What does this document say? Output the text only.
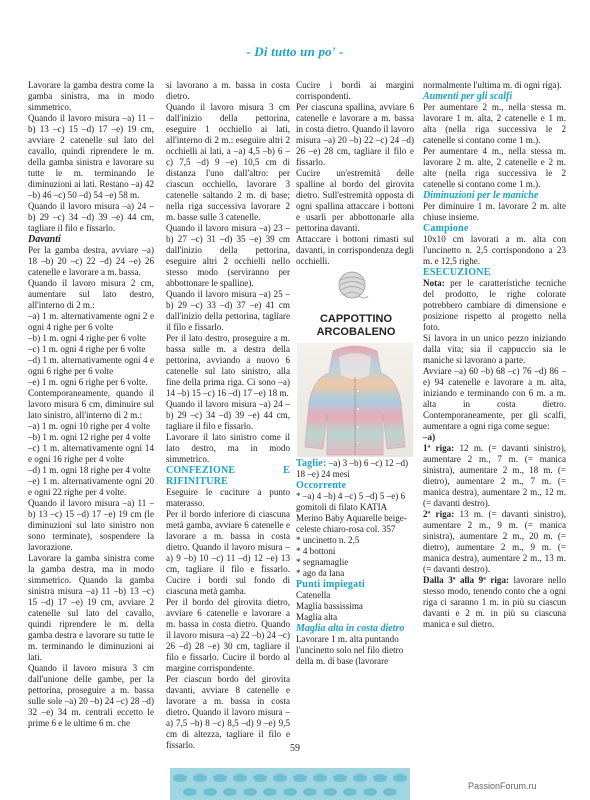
- Di tutto un po' -

Lavorare la gamba destra come la gamba sinistra, ma in modo simmetrico.

Quando il lavoro misura –a) 11 –b) 13 –c) 15 –d) 17 –e) 19 cm, avviare 2 catenelle sul lato del cavallo, quindi riprendere le m. della gamba sinistra e lavorare su tutte le m. terminando le diminuzioni ai lati. Restano –a) 42 –b) 46 –c) 50 –d) 54 –e) 58 m.

Quando il lavoro misura –a) 24 –b) 29 –c) 34 –d) 39 –e) 44 cm, tagliare il filo e fissarlo.

Davanti

Per la gamba destra, avviare –a) 18 –b) 20 –c) 22 –d) 24 –e) 26 catenelle e lavorare a m. bassa.

Quando il lavoro misura 2 cm, aumentare sul lato destro, all'interno di 2 m.:

–a) 1 m. alternativamente ogni 2 e ogni 4 righe per 6 volte

–b) 1 m. ogni 4 righe per 6 volte

–c) 1 m. ogni 4 righe per 6 volte

–d) 1 m. alternativamente ogni 4 e ogni 6 righe per 6 volte

–e) 1 m. ogni 6 righe per 6 volte.

Contemporaneamente, quando il lavoro misura 6 cm, diminuire sul lato sinistro, all'interno di 2 m.:

–a) 1 m. ogni 10 righe per 4 volte

–b) 1 m. ogni 12 righe per 4 volte

–c) 1 m. alternativamente ogni 14 e ogni 16 righe per 4 volte

–d) 1 m. ogni 18 righe per 4 volte

–e) 1 m. alternativamente ogni 20 e ogni 22 righe per 4 volte.

Quando il lavoro misura –a) 11 –b) 13 –c) 15 –d) 17 –e) 19 cm (le diminuzioni sul lato sinistro non sono terminate), sospendere la lavorazione.

Lavorare la gamba sinistra come la gamba destra, ma in modo simmetrico. Quando la gamba sinistra misura –a) 11 –b) 13 –c) 15 –d) 17 –e) 19 cm, avviare 2 catenelle sul lato del cavallo, quindi riprendere le m. della gamba destra e lavorare su tutte le m. terminando le diminuzioni ai lati.

Quando il lavoro misura 3 cm dall'unione delle gambe, per la pettorina, proseguire a m. bassa sulle sole –a) 20 –b) 24 –c) 28 –d) 32 –e) 34 m. centrali eccetto le prime 6 e le ultime 6 m. che

si lavorano a m. bassa in costa dietro.

Quando il lavoro misura 3 cm dall'inizio della pettorina, eseguire 1 occhiello ai lati, all'interno di 2 m.: eseguire altri 2 occhielli ai lati, a –a) 4,5 –b) 6 –c) 7,5 –d) 9 –e) 10,5 cm di distanza l'uno dall'altro: per ciascun occhiello, lavorare 3 catenelle saltando 2 m. di base; nella riga successiva lavorare 2 m. basse sulle 3 catenelle.

Quando il lavoro misura –a) 23 –b) 27 –c) 31 –d) 35 –e) 39 cm dall'inizio della pettorina, eseguire altri 2 occhielli nello stesso modo (serviranno per abbottonare le spalline).

Quando il lavoro misura –a) 25 –b) 29 –c) 33 –d) 37 –e) 41 cm dall'inizio della pettorina, tagliare il filo e fissarlo.

Per il lato destro, proseguire a m. bassa sulle m. a destra della pettorina, avviando a nuovo 6 catenelle sul lato sinistro, alla fine della prima riga. Ci sono –a) 14 –b) 15 –c) 16 –d) 17 –e) 18 m.

Quando il lavoro misura –a) 24 –b) 29 –c) 34 –d) 39 –e) 44 cm, tagliare il filo e fissarlo.

Lavorare il lato sinistro come il lato destro, ma in modo simmetrico.

CONFEZIONE E RIFINITURE

Eseguire le cuciture a punto materasso.

Per il bordo inferiore di ciascuna metà gamba, avviare 6 catenelle e lavorare a m. bassa in costa dietro. Quando il lavoro misura –a) 9 –b) 10 –c) 11 –d) 12 –e) 13 cm, tagliare il filo e fissarlo. Cucire i bordi sul fondo di ciascuna metà gamba.

Per il bordo del girovita dietro, avviare 6 catenelle e lavorare a m. bassa in costa dietro. Quando il lavoro misura –a) 22 –b) 24 –c) 26 –d) 28 –e) 30 cm, tagliare il filo e fissarlo. Cucire il bordo al margine corrispondente.

Per ciascun bordo del girovita davanti, avviare 8 catenelle e lavorare a m. bassa in costa dietro. Quando il lavoro misura –a) 7,5 –b) 8 –c) 8,5 –d) 9 –e) 9,5 cm di altezza, tagliare il filo e fissarlo.

Cucire i bordi ai margini corrispondenti.

Per ciascuna spallina, avviare 6 catenelle e lavorare a m. bassa in costa dietro. Quando il lavoro misura –a) 20 –b) 22 –c) 24 –d) 26 –e) 28 cm, tagliare il filo e fissarlo.

Cucire un'estremità delle spalline al bordo del girovita dietro. Sull'estremità opposta di ogni spallina attaccare i bottoni e usarli per abbottonarle alla pettorina davanti.

Attaccare i bottoni rimasti sul davanti, in corrispondenza degli occhielli.

CAPPOTTINO
ARCOBALENO

Taglie: –a) 3 –b) 6 –c) 12 –d) 18 –e) 24 mesi

Occorrente

* –a) 4 –b) 4 –c) 5 –d) 5 –e) 6 gomitoli di filato KATIA Merino Baby Aquarelle beige-celeste chiaro-rosa col. 357

* uncinetto n. 2,5

* 4 bottoni

* segnamaglie

* ago da lana

Punti impiegati

Catenella

Maglia bassissima

Maglia alta

Maglia alta in costa dietro

Lavorare 1 m. alta puntando l'uncinetto solo nel filo dietro della m. di base (lavorare

normalmente l'ultima m. di ogni riga).

Aumenti per gli scalfi

Per aumentare 2 m., nella stessa m. lavorare 1 m. alta, 2 catenelle e 1 m. alta (nella riga successiva le 2 catenelle si contano come 1 m.).

Per aumentare 4 m., nella stessa m. lavorare 2 m. alte, 2 catenelle e 2 m. alte (nella riga successiva le 2 catenelle si contano come 1 m.).

Diminuzioni per le maniche

Per diminuire 1 m. lavorare 2 m. alte chiuse insieme.

Campione

10x10 cm lavorati a m. alta con l'uncinetto n. 2,5 corrispondono a 23 m. e 12,5 righe.

ESECUZIONE

Nota: per le caratteristiche tecniche del prodotto, le righe colorate potrebbero cambiare di dimensione e posizione rispetto al progetto nella foto.

Si lavora in un unico pezzo iniziando dalla vita; sia il cappuccio sia le maniche si lavorano a parte.

Avviare –a) 60 –b) 68 –c) 76 –d) 86 –e) 94 catenelle e lavorare a m. alta, iniziando e terminando con 6 m. a m. alta in costa dietro. Contemporaneamente, per gli scalfi, aumentare a ogni riga come segue:

–a)

1ª riga: 12 m. (= davanti sinistro), aumentare 2 m., 7 m. (= manica sinistra), aumentare 2 m., 18 m. (= dietro), aumentare 2 m., 7 m. (= manica destra), aumentare 2 m., 12 m. (= davanti destro).

2ª riga: 13 m. (= davanti sinistro), aumentare 2 m., 9 m. (= manica sinistra), aumentare 2 m., 20 m. (= dietro), aumentare 2 m., 9 m. (= manica destra), aumentare 2 m., 13 m. (= davanti destro).

Dalla 3ª alla 9ª riga: lavorare nello stesso modo, tenendo conto che a ogni riga ci saranno 1 m. in più su ciascun davanti e 2 m. in più su ciascuna manica e sul dietro.

59
PassionForum.ru
